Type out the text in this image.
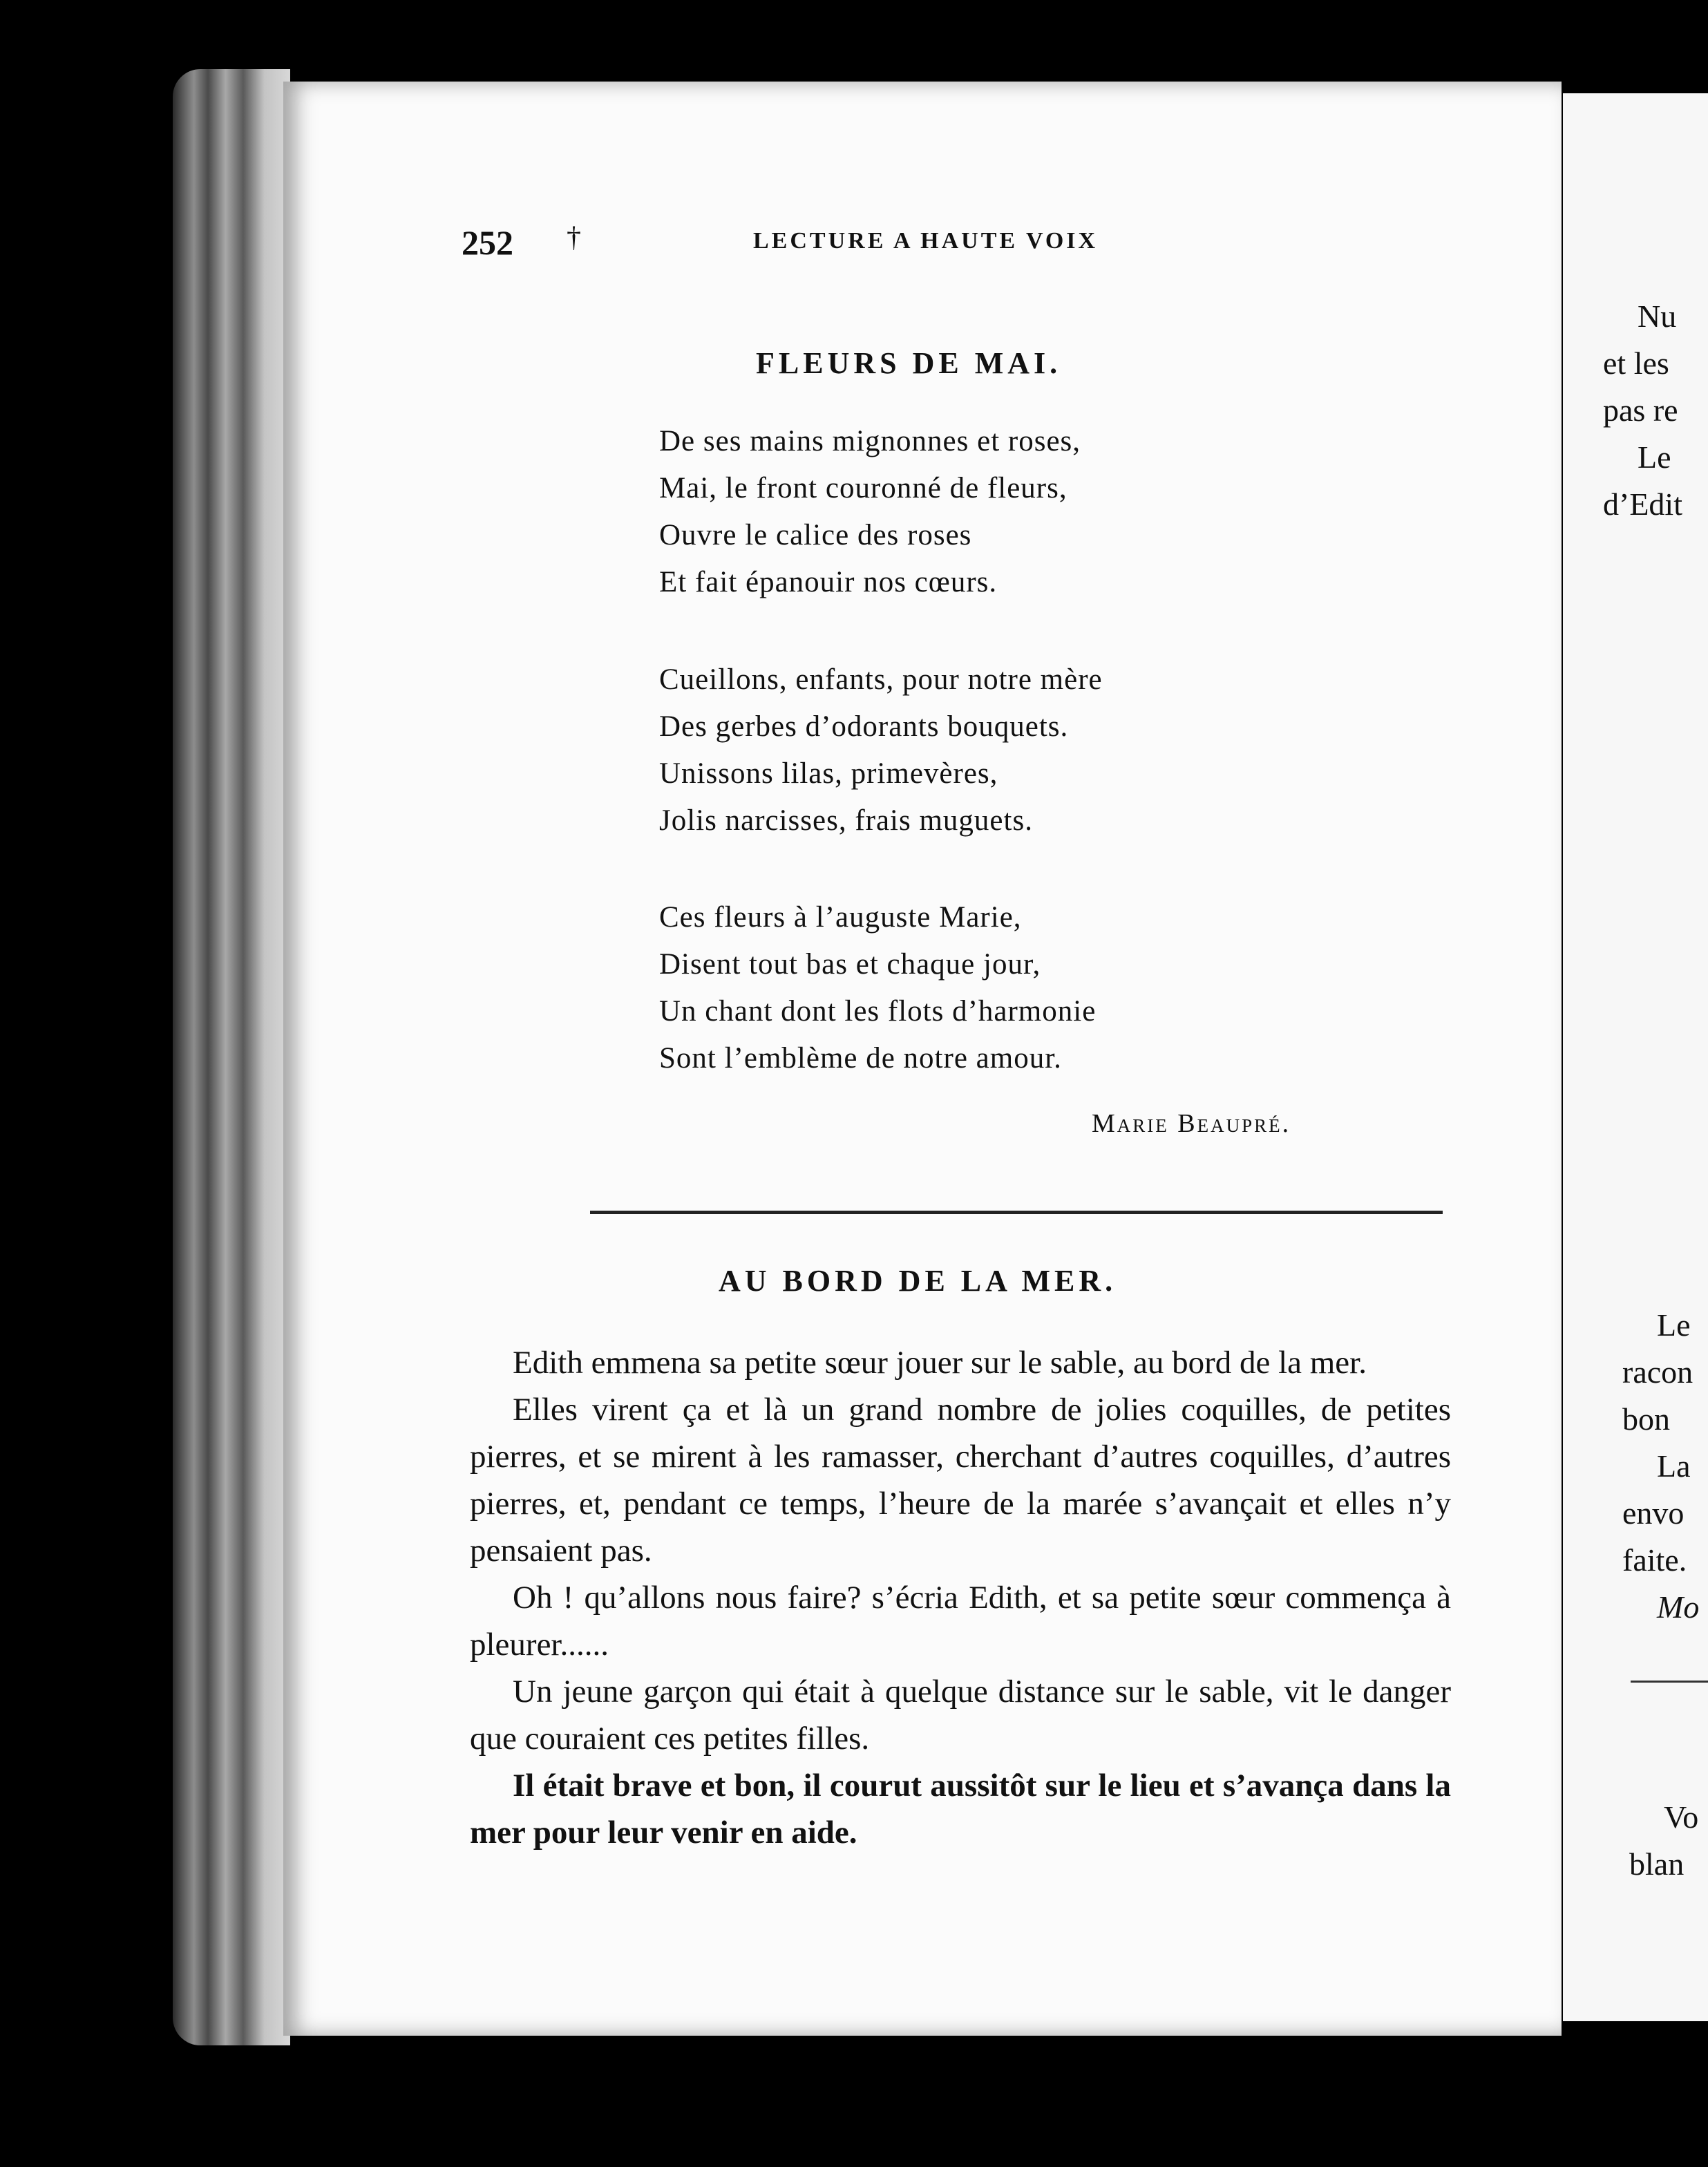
252 †	LECTURE A HAUTE VOIX
FLEURS DE MAI.
De ses mains mignonnes et roses,
Mai, le front couronné de fleurs,
Ouvre le calice des roses
Et fait épanouir nos cœurs.
Cueillons, enfants, pour notre mère
Des gerbes d’odorants bouquets.
Unissons lilas, primevères,
Jolis narcisses, frais muguets.
Ces fleurs à l’auguste Marie,
Disent tout bas et chaque jour,
Un chant dont les flots d’harmonie
Sont l’emblème de notre amour.
Marie Beaupré.
AU BORD DE LA MER.

Edith emmena sa petite sœur jouer sur le sable, au bord de la mer.

Elles virent ça et là un grand nombre de jolies coquilles, de petites pierres, et se mirent à les ramasser, cherchant d’autres coquilles, d’autres pierres, et, pendant ce temps, l’heure de la marée s’avançait et elles n’y pensaient pas.

Oh ! qu’allons nous faire? s’écria Edith, et sa petite sœur commença à pleurer......

Un jeune garçon qui était à quelque distance sur le sable, vit le danger que couraient ces petites filles.

Il était brave et bon, il courut aussitôt sur le lieu et s’avança dans la mer pour leur venir en aide.

Nu
et les
pas re
Le
d’Edit
Le
racon
bon
La
envo
faite.
Mo
Vo
blan
